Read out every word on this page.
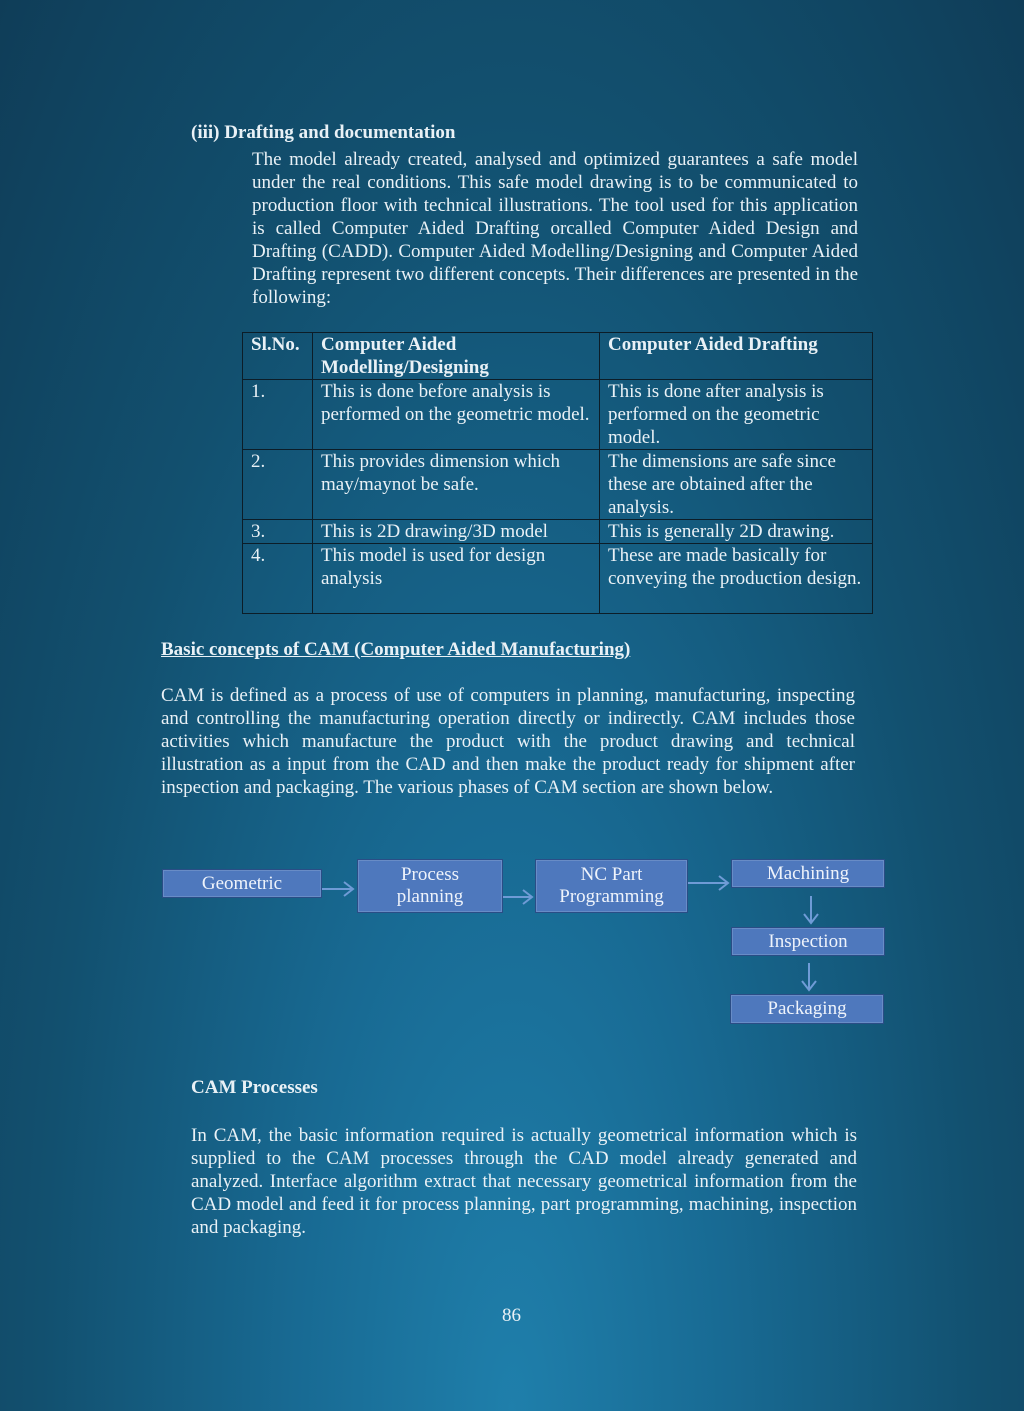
(iii) Drafting and documentation
The model already created, analysed and optimized guarantees a safe model under the real conditions. This safe model drawing is to be communicated to production floor with technical illustrations. The tool used for this application is called Computer Aided Drafting orcalled Computer Aided Design and Drafting (CADD). Computer Aided Modelling/Designing and Computer Aided Drafting represent two different concepts. Their differences are presented in the following:
Sl.No.	Computer Aided Modelling/Designing	Computer Aided Drafting
1.	This is done before analysis is performed on the geometric model.	This is done after analysis is performed on the geometric model.
2.	This provides dimension which may/maynot be safe.	The dimensions are safe since these are obtained after the analysis.
3.	This is 2D drawing/3D model	This is generally 2D drawing.
4.	This model is used for design analysis	These are made basically for conveying the production design.
Basic concepts of CAM (Computer Aided Manufacturing)
CAM is defined as a process of use of computers in planning, manufacturing, inspecting and controlling the manufacturing operation directly or indirectly. CAM includes those activities which manufacture the product with the product drawing and technical illustration as a input from the CAD and then make the product ready for shipment after inspection and packaging. The various phases of CAM section are shown below.
Geometric	Process planning
NC Part Programming
Machining
Inspection
Packaging
CAM Processes
In CAM, the basic information required is actually geometrical information which is supplied to the CAM processes through the CAD model already generated and analyzed. Interface algorithm extract that necessary geometrical information from the CAD model and feed it for process planning, part programming, machining, inspection and packaging.
86
